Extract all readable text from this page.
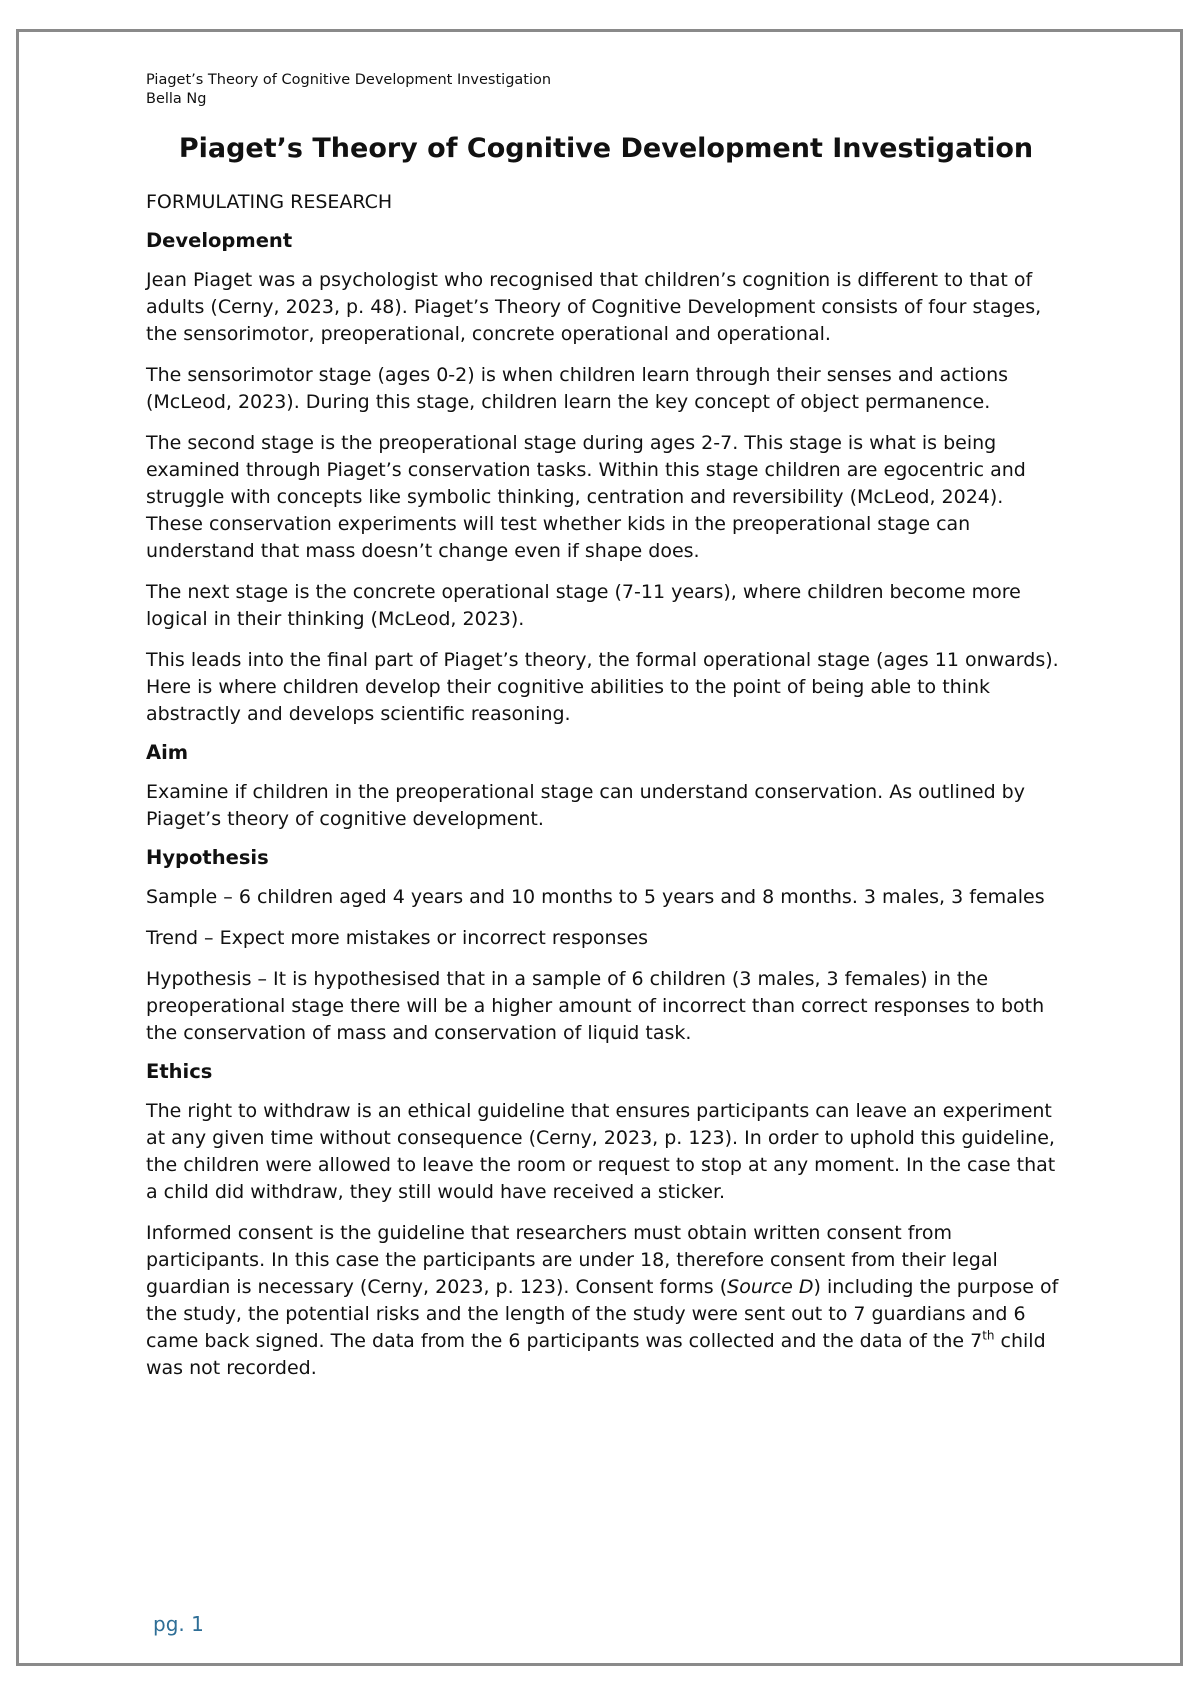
Piaget’s Theory of Cognitive Development Investigation
Bella Ng
Piaget’s Theory of Cognitive Development Investigation
FORMULATING RESEARCH
Development

Jean Piaget was a psychologist who recognised that children’s cognition is different to that of adults (Cerny, 2023, p. 48). Piaget’s Theory of Cognitive Development consists of four stages, the sensorimotor, preoperational, concrete operational and operational.

The sensorimotor stage (ages 0-2) is when children learn through their senses and actions (McLeod, 2023). During this stage, children learn the key concept of object permanence.

The second stage is the preoperational stage during ages 2-7. This stage is what is being examined through Piaget’s conservation tasks. Within this stage children are egocentric and struggle with concepts like symbolic thinking, centration and reversibility (McLeod, 2024). These conservation experiments will test whether kids in the preoperational stage can understand that mass doesn’t change even if shape does.

The next stage is the concrete operational stage (7-11 years), where children become more logical in their thinking (McLeod, 2023).

This leads into the final part of Piaget’s theory, the formal operational stage (ages 11 onwards). Here is where children develop their cognitive abilities to the point of being able to think abstractly and develops scientific reasoning.

Aim

Examine if children in the preoperational stage can understand conservation. As outlined by Piaget’s theory of cognitive development.

Hypothesis

Sample – 6 children aged 4 years and 10 months to 5 years and 8 months. 3 males, 3 females

Trend – Expect more mistakes or incorrect responses

Hypothesis – It is hypothesised that in a sample of 6 children (3 males, 3 females) in the preoperational stage there will be a higher amount of incorrect than correct responses to both the conservation of mass and conservation of liquid task.

Ethics

The right to withdraw is an ethical guideline that ensures participants can leave an experiment at any given time without consequence (Cerny, 2023, p. 123). In order to uphold this guideline, the children were allowed to leave the room or request to stop at any moment. In the case that a child did withdraw, they still would have received a sticker.

Informed consent is the guideline that researchers must obtain written consent from participants. In this case the participants are under 18, therefore consent from their legal guardian is necessary (Cerny, 2023, p. 123). Consent forms (Source D) including the purpose of the study, the potential risks and the length of the study were sent out to 7 guardians and 6 came back signed. The data from the 6 participants was collected and the data of the 7th child was not recorded.

pg. 1
